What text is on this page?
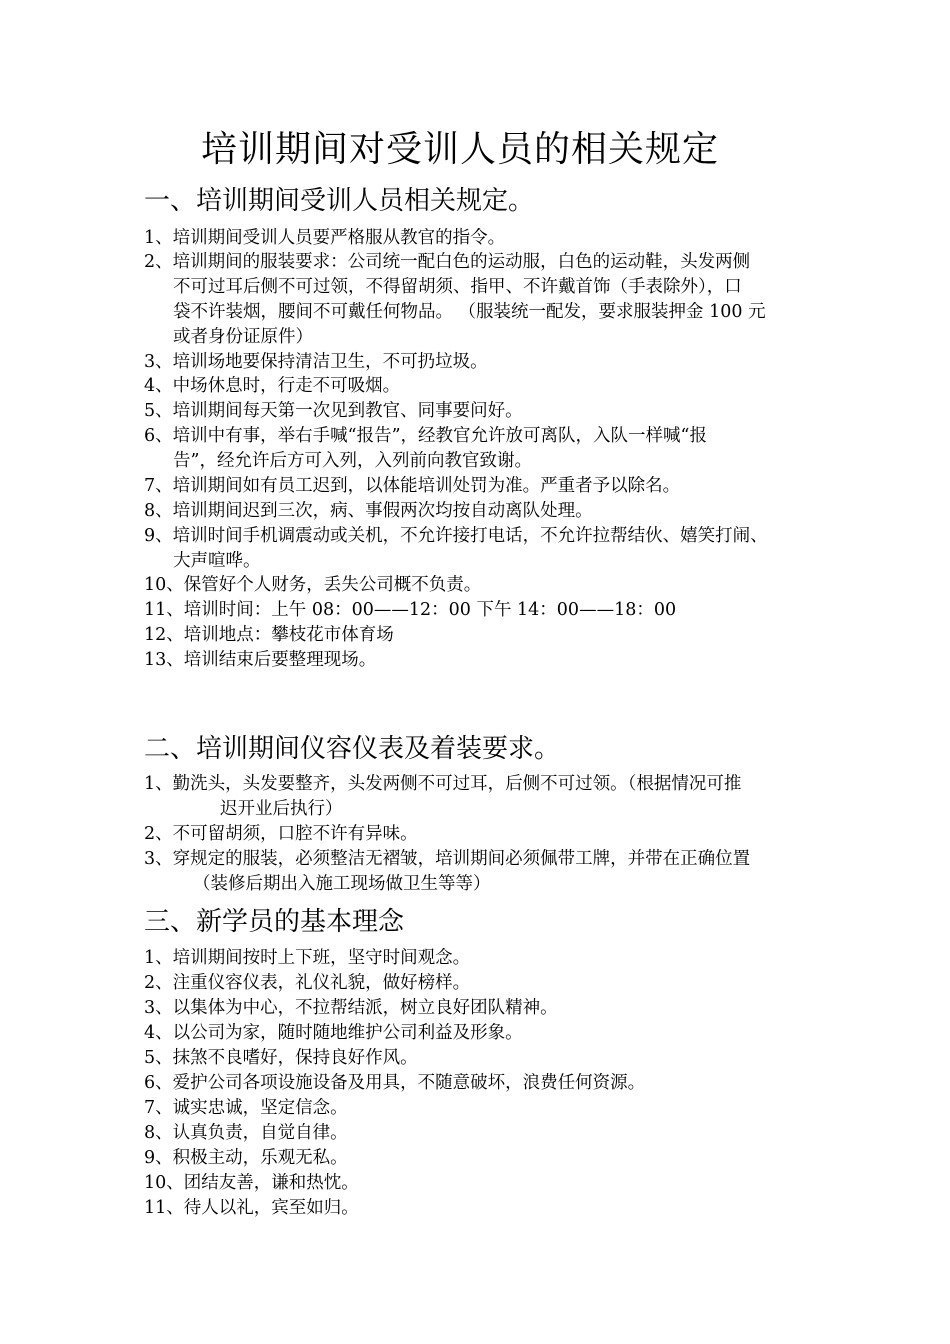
培训期间对受训人员的相关规定
一、培训期间受训人员相关规定。
1、培训期间受训人员要严格服从教官的指令。
2、培训期间的服装要求：公司统一配白色的运动服，白色的运动鞋，头发两侧
不可过耳后侧不可过领，不得留胡须、指甲、不许戴首饰（手表除外），口
袋不许装烟，腰间不可戴任何物品。 （服装统一配发，要求服装押金 100 元
或者身份证原件）
3、培训场地要保持清洁卫生，不可扔垃圾。
4、中场休息时，行走不可吸烟。
5、培训期间每天第一次见到教官、同事要问好。
6、培训中有事，举右手喊“报告”，经教官允许放可离队，入队一样喊“报
告”，经允许后方可入列，入列前向教官致谢。
7、培训期间如有员工迟到，以体能培训处罚为准。严重者予以除名。
8、培训期间迟到三次，病、事假两次均按自动离队处理。
9、培训时间手机调震动或关机，不允许接打电话，不允许拉帮结伙、嬉笑打闹、
大声喧哗。
10、保管好个人财务，丢失公司概不负责。
11、培训时间：上午 08：00——12：00 下午 14：00——18：00
12、培训地点：攀枝花市体育场
13、培训结束后要整理现场。
二、培训期间仪容仪表及着装要求。
1、勤洗头，头发要整齐，头发两侧不可过耳，后侧不可过领。（根据情况可推
迟开业后执行）
2、不可留胡须，口腔不许有异味。
3、穿规定的服装，必须整洁无褶皱，培训期间必须佩带工牌，并带在正确位置
（装修后期出入施工现场做卫生等等）
三、新学员的基本理念
1、培训期间按时上下班，坚守时间观念。
2、注重仪容仪表，礼仪礼貌，做好榜样。
3、以集体为中心，不拉帮结派，树立良好团队精神。
4、以公司为家，随时随地维护公司利益及形象。
5、抹煞不良嗜好，保持良好作风。
6、爱护公司各项设施设备及用具，不随意破坏，浪费任何资源。
7、诚实忠诚，坚定信念。
8、认真负责，自觉自律。
9、积极主动，乐观无私。
10、团结友善，谦和热忱。
11、待人以礼，宾至如归。
